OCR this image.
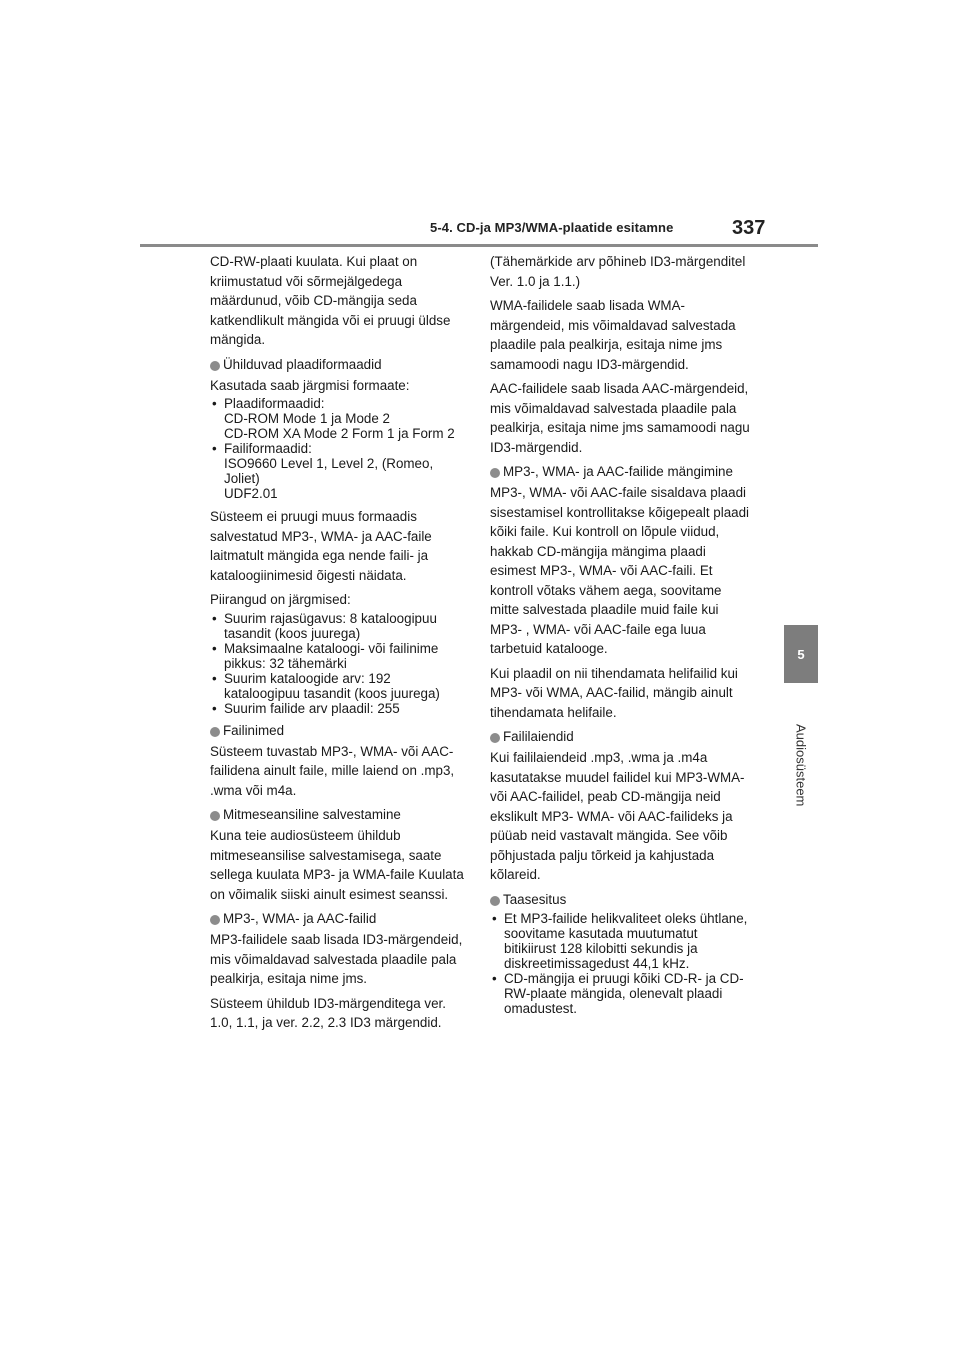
5-4. CD-ja MP3/WMA-plaatide esitamne	337
5
Audiosüsteem

CD-RW-plaati kuulata. Kui plaat on kriimustatud või sõrmejälgedega määrdunud, võib CD-mängija seda katkendlikult mängida või ei pruugi üldse mängida.

Ühilduvad plaadiformaadid

Kasutada saab järgmisi formaate:

• Plaadiformaadid:
CD-ROM Mode 1 ja Mode 2
CD-ROM XA Mode 2 Form 1 ja Form 2
• Failiformaadid:
ISO9660 Level 1, Level 2, (Romeo, Joliet)
UDF2.01

Süsteem ei pruugi muus formaadis salvestatud MP3-, WMA- ja AAC-faile laitmatult mängida ega nende faili- ja kataloogiinimesid õigesti näidata.

Piirangud on järgmised:

• Suurim rajasügavus: 8 kataloogipuu tasandit (koos juurega)
• Maksimaalne kataloogi- või failinime pikkus: 32 tähemärki
• Suurim kataloogide arv: 192 kataloogipuu tasandit (koos juurega)
• Suurim failide arv plaadil: 255
Failinimed

Süsteem tuvastab MP3-, WMA- või AAC-failidena ainult faile, mille laiend on .mp3, .wma või m4a.

Mitmeseansiline salvestamine

Kuna teie audiosüsteem ühildub mitmeseansilise salvestamisega, saate sellega kuulata MP3- ja WMA-faile Kuulata on võimalik siiski ainult esimest seanssi.

MP3-, WMA- ja AAC-failid

MP3-failidele saab lisada ID3-märgendeid, mis võimaldavad salvestada plaadile pala pealkirja, esitaja nime jms.

Süsteem ühildub ID3-märgenditega ver. 1.0, 1.1, ja ver. 2.2, 2.3 ID3 märgendid.

(Tähemärkide arv põhineb ID3-märgenditel Ver. 1.0 ja 1.1.)

WMA-failidele saab lisada WMA-märgendeid, mis võimaldavad salvestada plaadile pala pealkirja, esitaja nime jms samamoodi nagu ID3-märgendid.

AAC-failidele saab lisada AAC-märgendeid, mis võimaldavad salvestada plaadile pala pealkirja, esitaja nime jms samamoodi nagu ID3-märgendid.

MP3-, WMA- ja AAC-failide mängimine

MP3-, WMA- või AAC-faile sisaldava plaadi sisestamisel kontrollitakse kõigepealt plaadi kõiki faile. Kui kontroll on lõpule viidud, hakkab CD-mängija mängima plaadi esimest MP3-, WMA- või AAC-faili. Et kontroll võtaks vähem aega, soovitame mitte salvestada plaadile muid faile kui MP3- , WMA- või AAC-faile ega luua tarbetuid katalooge.

Kui plaadil on nii tihendamata helifailid kui MP3- või WMA, AAC-failid, mängib ainult tihendamata helifaile.

Faililaiendid

Kui faililaiendeid .mp3, .wma ja .m4a kasutatakse muudel failidel kui MP3-WMA- või AAC-failidel, peab CD-mängija neid ekslikult MP3- WMA- või AAC-failideks ja püüab neid vastavalt mängida. See võib põhjustada palju tõrkeid ja kahjustada kõlareid.

Taasesitus
• Et MP3-failide helikvaliteet oleks ühtlane, soovitame kasutada muutumatut bitikiirust 128 kilobitti sekundis ja diskreetimissagedust 44,1 kHz.
• CD-mängija ei pruugi kõiki CD-R- ja CD-RW-plaate mängida, olenevalt plaadi omadustest.
